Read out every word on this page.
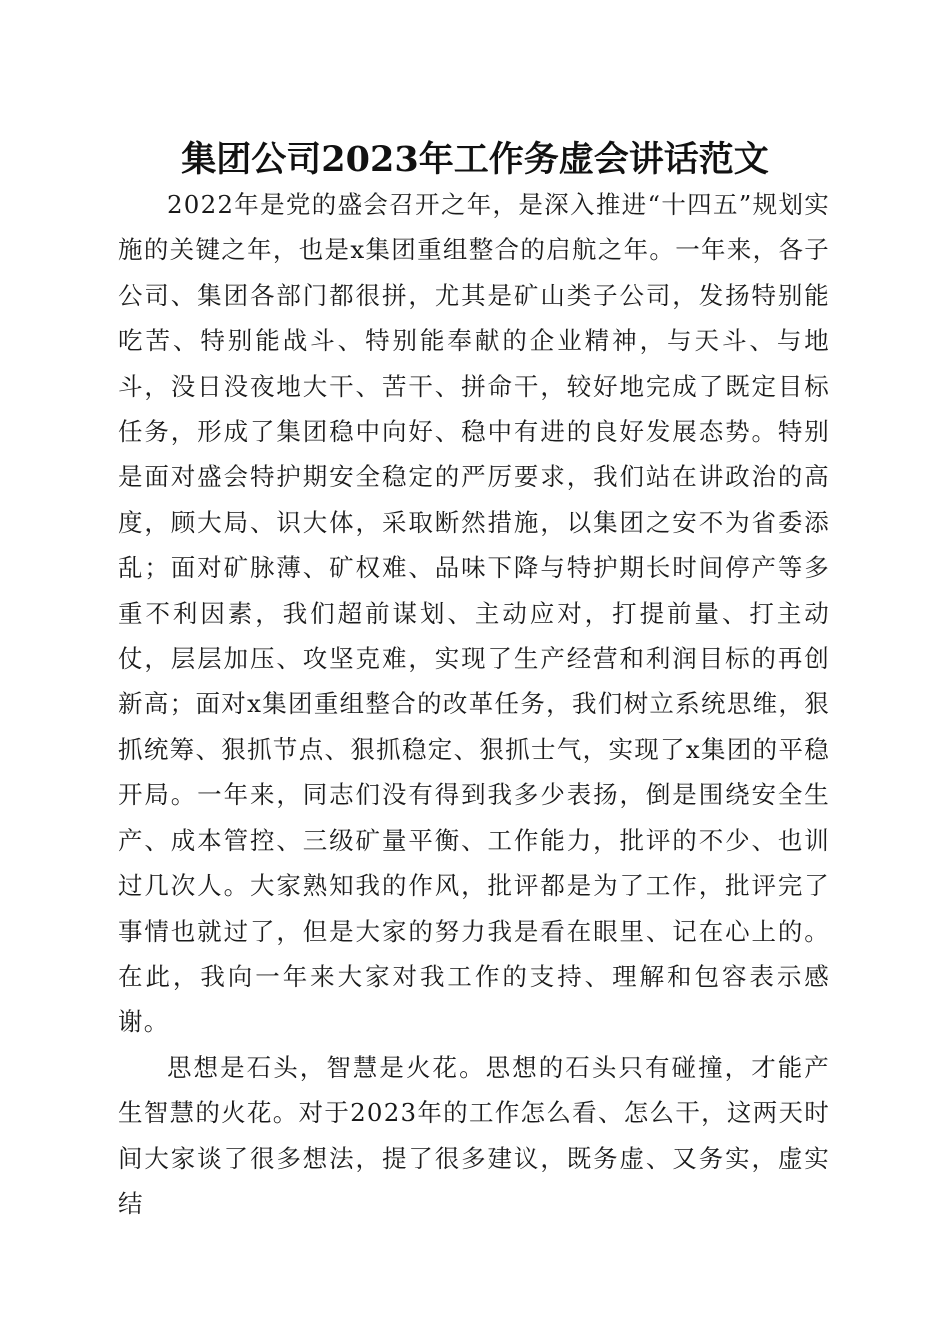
集团公司2023年工作务虚会讲话范文

2022年是党的盛会召开之年，是深入推进“十四五”规划实施的关键之年，也是x集团重组整合的启航之年。一年来，各子公司、集团各部门都很拼，尤其是矿山类子公司，发扬特别能吃苦、特别能战斗、特别能奉献的企业精神，与天斗、与地斗，没日没夜地大干、苦干、拼命干，较好地完成了既定目标任务，形成了集团稳中向好、稳中有进的良好发展态势。特别是面对盛会特护期安全稳定的严厉要求，我们站在讲政治的高度，顾大局、识大体，采取断然措施，以集团之安不为省委添乱；面对矿脉薄、矿权难、品味下降与特护期长时间停产等多重不利因素，我们超前谋划、主动应对，打提前量、打主动仗，层层加压、攻坚克难，实现了生产经营和利润目标的再创新高；面对x集团重组整合的改革任务，我们树立系统思维，狠抓统筹、狠抓节点、狠抓稳定、狠抓士气，实现了x集团的平稳开局。一年来，同志们没有得到我多少表扬，倒是围绕安全生产、成本管控、三级矿量平衡、工作能力，批评的不少、也训过几次人。大家熟知我的作风，批评都是为了工作，批评完了事情也就过了，但是大家的努力我是看在眼里、记在心上的。在此，我向一年来大家对我工作的支持、理解和包容表示感谢。

思想是石头，智慧是火花。思想的石头只有碰撞，才能产生智慧的火花。对于2023年的工作怎么看、怎么干，这两天时间大家谈了很多想法，提了很多建议，既务虚、又务实，虚实结
